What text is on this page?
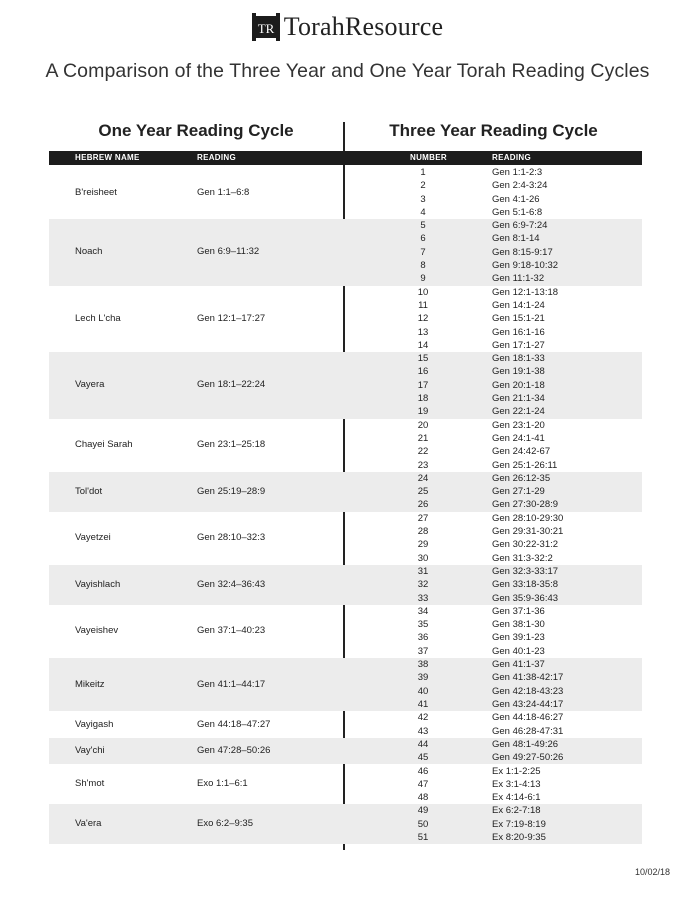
TR TorahResource
A Comparison of the Three Year and One Year Torah Reading Cycles
One Year Reading Cycle	Three Year Reading Cycle
HEBREW NAME	READING	NUMBER	READING
B'reisheet	Gen 1:1–6:8
1	Gen 1:1-2:3
2	Gen 2:4-3:24
3	Gen 4:1-26
4	Gen 5:1-6:8
Noach	Gen 6:9–11:32
5	Gen 6:9-7:24
6	Gen 8:1-14
7	Gen 8:15-9:17
8	Gen 9:18-10:32
9	Gen 11:1-32
Lech L'cha	Gen 12:1–17:27
10	Gen 12:1-13:18
11	Gen 14:1-24
12	Gen 15:1-21
13	Gen 16:1-16
14	Gen 17:1-27
Vayera	Gen 18:1–22:24
15	Gen 18:1-33
16	Gen 19:1-38
17	Gen 20:1-18
18	Gen 21:1-34
19	Gen 22:1-24
Chayei Sarah	Gen 23:1–25:18
20	Gen 23:1-20
21	Gen 24:1-41
22	Gen 24:42-67
23	Gen 25:1-26:11
Tol'dot	Gen 25:19–28:9
24	Gen 26:12-35
25	Gen 27:1-29
26	Gen 27:30-28:9
Vayetzei	Gen 28:10–32:3
27	Gen 28:10-29:30
28	Gen 29:31-30:21
29	Gen 30:22-31:2
30	Gen 31:3-32:2
Vayishlach	Gen 32:4–36:43
31	Gen 32:3-33:17
32	Gen 33:18-35:8
33	Gen 35:9-36:43
Vayeishev	Gen 37:1–40:23
34	Gen 37:1-36
35	Gen 38:1-30
36	Gen 39:1-23
37	Gen 40:1-23
Mikeitz	Gen 41:1–44:17
38	Gen 41:1-37
39	Gen 41:38-42:17
40	Gen 42:18-43:23
41	Gen 43:24-44:17
Vayigash	Gen 44:18–47:27
42	Gen 44:18-46:27
43	Gen 46:28-47:31
Vay'chi	Gen 47:28–50:26
44	Gen 48:1-49:26
45	Gen 49:27-50:26
Sh'mot	Exo 1:1–6:1
46	Ex 1:1-2:25
47	Ex 3:1-4:13
48	Ex 4:14-6:1
Va'era	Exo 6:2–9:35
49	Ex 6:2-7:18
50	Ex 7:19-8:19
51	Ex 8:20-9:35
10/02/18
